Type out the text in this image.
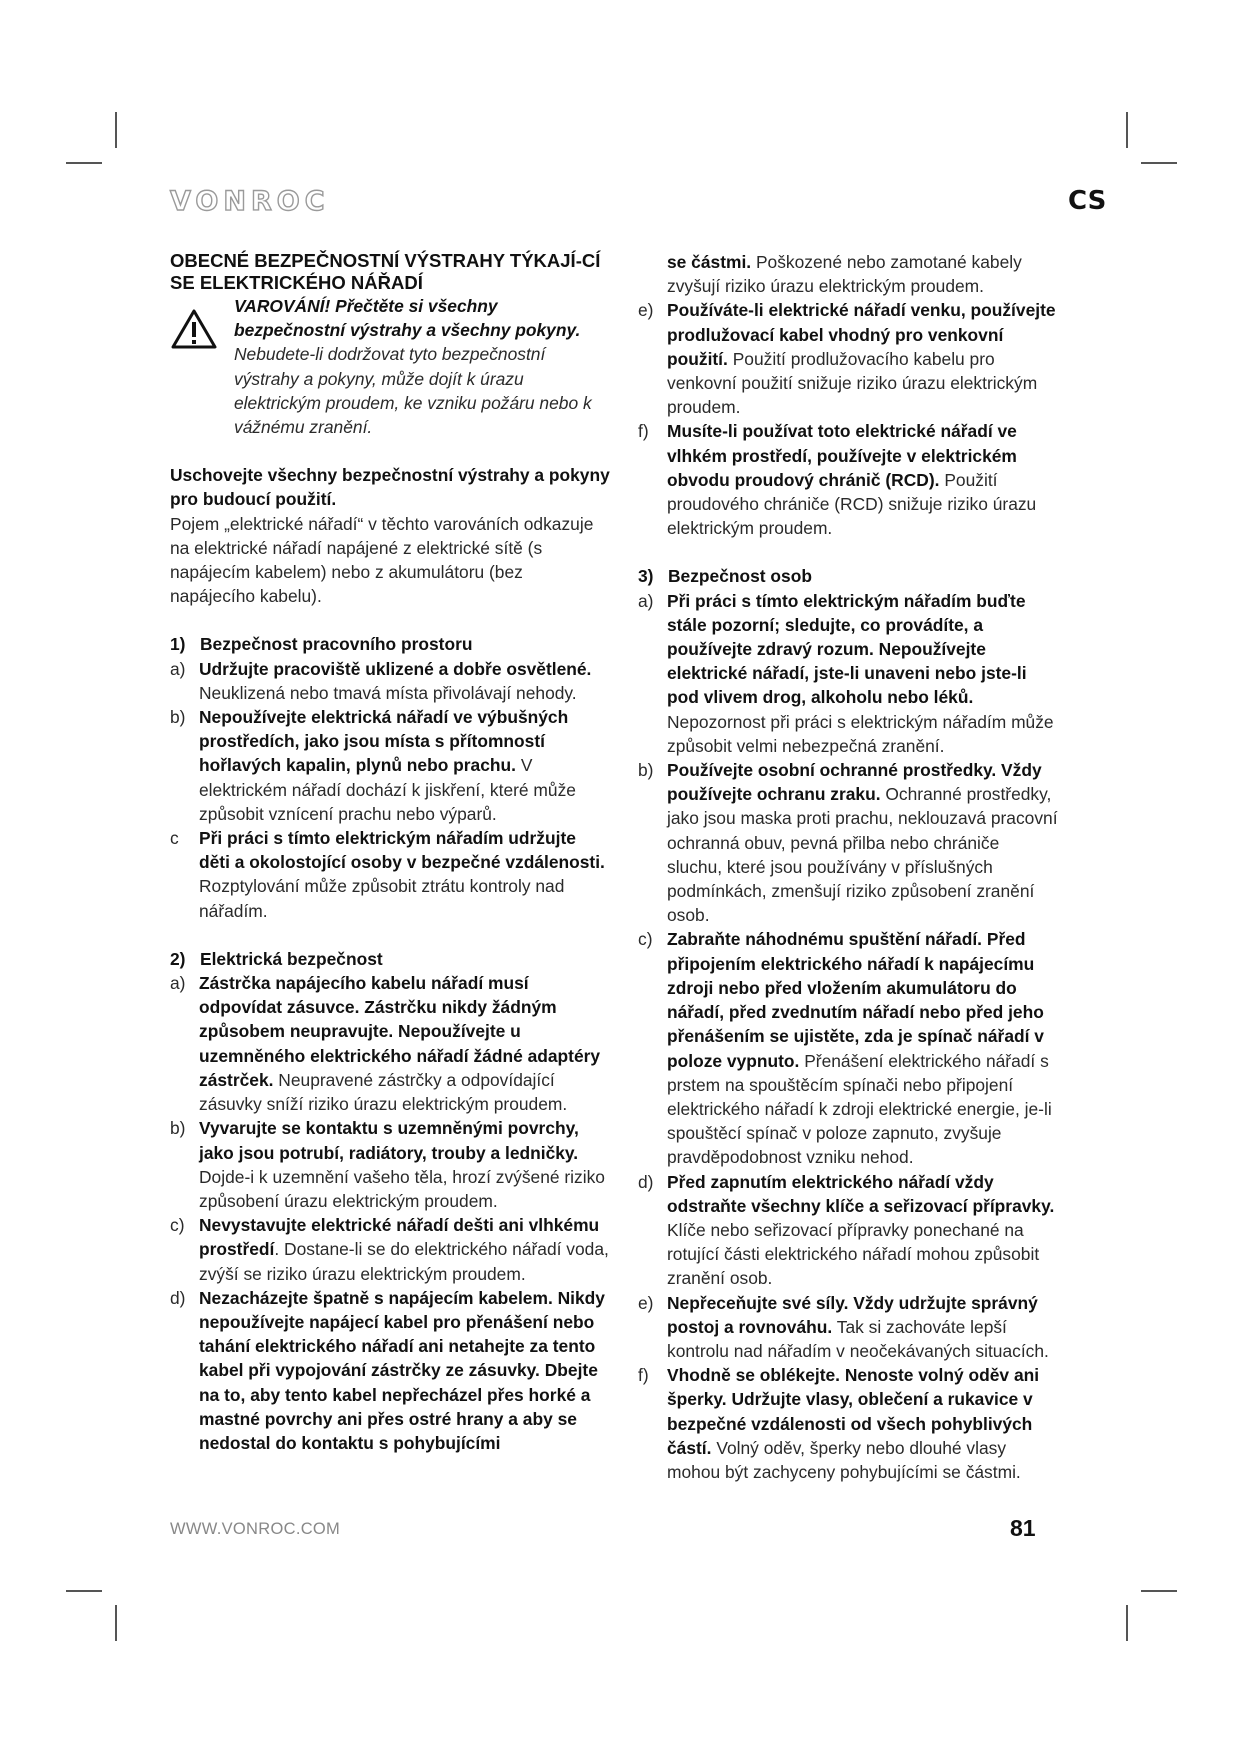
VONROC	CS

OBECNÉ BEZPEČNOSTNÍ VÝSTRAHY TÝKAJÍ-CÍ SE ELEKTRICKÉHO NÁŘADÍ

VAROVÁNÍ! Přečtěte si všechny bezpečnostní výstrahy a všechny pokyny. Nebudete-li dodržovat tyto bezpečnostní výstrahy a pokyny, může dojít k úrazu elektrickým proudem, ke vzniku požáru nebo k vážnému zranění.

Uschovejte všechny bezpečnostní výstrahy a pokyny pro budoucí použití.

Pojem „elektrické nářadí“ v těchto varováních odkazuje na elektrické nářadí napájené z elektrické sítě (s napájecím kabelem) nebo z akumulátoru (bez napájecího kabelu).

1) Bezpečnost pracovního prostoru
a) Udržujte pracoviště uklizené a dobře osvětlené. Neuklizená nebo tmavá místa přivolávají nehody.
b) Nepoužívejte elektrická nářadí ve výbušných prostředích, jako jsou místa s přítomností hořlavých kapalin, plynů nebo prachu. V elektrickém nářadí dochází k jiskření, které může způsobit vznícení prachu nebo výparů.
c Při práci s tímto elektrickým nářadím udržujte děti a okolostojící osoby v bezpečné vzdálenosti. Rozptylování může způsobit ztrátu kontroly nad nářadím.
2) Elektrická bezpečnost
a) Zástrčka napájecího kabelu nářadí musí odpovídat zásuvce. Zástrčku nikdy žádným způsobem neupravujte. Nepoužívejte u uzemněného elektrického nářadí žádné adaptéry zástrček. Neupravené zástrčky a odpovídající zásuvky sníží riziko úrazu elektrickým proudem.
b) Vyvarujte se kontaktu s uzemněnými povrchy, jako jsou potrubí, radiátory, trouby a ledničky. Dojde-i k uzemnění vašeho těla, hrozí zvýšené riziko způsobení úrazu elektrickým proudem.
c) Nevystavujte elektrické nářadí dešti ani vlhkému prostředí. Dostane-li se do elektrického nářadí voda, zvýší se riziko úrazu elektrickým proudem.
d) Nezacházejte špatně s napájecím kabelem. Nikdy nepoužívejte napájecí kabel pro přenášení nebo tahání elektrického nářadí ani netahejte za tento kabel při vypojování zástrčky ze zásuvky. Dbejte na to, aby tento kabel nepřecházel přes horké a mastné povrchy ani přes ostré hrany a aby se nedostal do kontaktu s pohybujícími
se částmi. Poškozené nebo zamotané kabely zvyšují riziko úrazu elektrickým proudem.
e) Používáte-li elektrické nářadí venku, používejte prodlužovací kabel vhodný pro venkovní použití. Použití prodlužovacího kabelu pro venkovní použití snižuje riziko úrazu elektrickým proudem.
f) Musíte-li používat toto elektrické nářadí ve vlhkém prostředí, používejte v elektrickém obvodu proudový chránič (RCD). Použití proudového chrániče (RCD) snižuje riziko úrazu elektrickým proudem.
3) Bezpečnost osob
a) Při práci s tímto elektrickým nářadím buďte stále pozorní; sledujte, co provádíte, a používejte zdravý rozum. Nepoužívejte elektrické nářadí, jste-li unaveni nebo jste-li pod vlivem drog, alkoholu nebo léků. Nepozornost při práci s elektrickým nářadím může způsobit velmi nebezpečná zranění.
b) Používejte osobní ochranné prostředky. Vždy používejte ochranu zraku. Ochranné prostředky, jako jsou maska proti prachu, neklouzavá pracovní ochranná obuv, pevná přilba nebo chrániče sluchu, které jsou používány v příslušných podmínkách, zmenšují riziko způsobení zranění osob.
c) Zabraňte náhodnému spuštění nářadí. Před připojením elektrického nářadí k napájecímu zdroji nebo před vložením akumulátoru do nářadí, před zvednutím nářadí nebo před jeho přenášením se ujistěte, zda je spínač nářadí v poloze vypnuto. Přenášení elektrického nářadí s prstem na spouštěcím spínači nebo připojení elektrického nářadí k zdroji elektrické energie, je-li spouštěcí spínač v poloze zapnuto, zvyšuje pravděpodobnost vzniku nehod.
d) Před zapnutím elektrického nářadí vždy odstraňte všechny klíče a seřizovací přípravky. Klíče nebo seřizovací přípravky ponechané na rotující části elektrického nářadí mohou způsobit zranění osob.
e) Nepřeceňujte své síly. Vždy udržujte správný postoj a rovnováhu. Tak si zachováte lepší kontrolu nad nářadím v neočekávaných situacích.
f) Vhodně se oblékejte. Nenoste volný oděv ani šperky. Udržujte vlasy, oblečení a rukavice v bezpečné vzdálenosti od všech pohyblivých částí. Volný oděv, šperky nebo dlouhé vlasy mohou být zachyceny pohybujícími se částmi.
WWW.VONROC.COM	81
